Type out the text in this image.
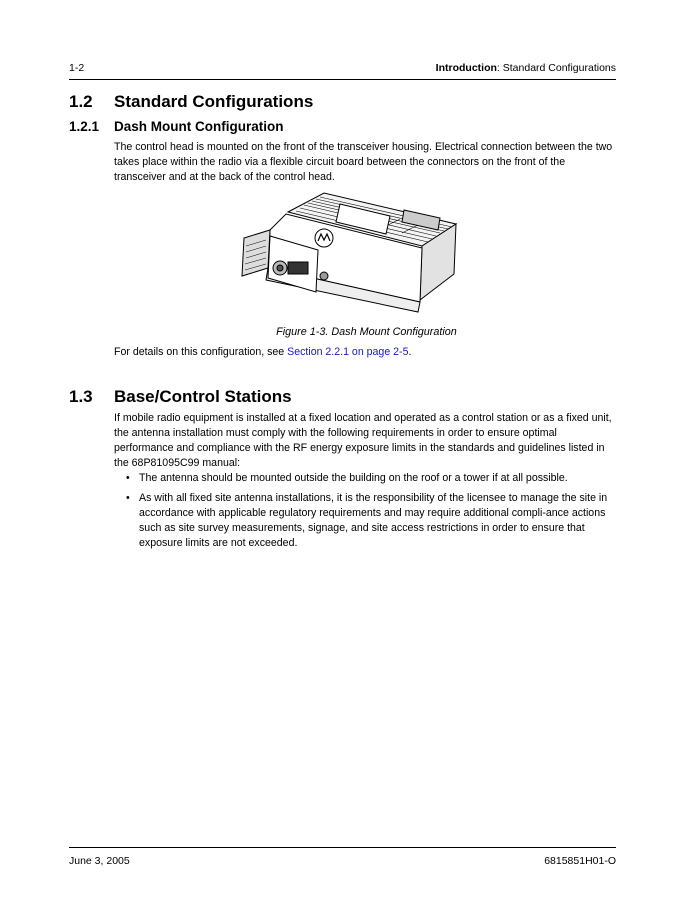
1-2	Introduction: Standard Configurations
1.2 Standard Configurations
1.2.1 Dash Mount Configuration
The control head is mounted on the front of the transceiver housing. Electrical connection between the two takes place within the radio via a flexible circuit board between the connectors on the front of the transceiver and at the back of the control head.
Figure 1-3. Dash Mount Configuration
For details on this configuration, see Section 2.2.1 on page 2-5.
1.3 Base/Control Stations
If mobile radio equipment is installed at a fixed location and operated as a control station or as a fixed unit, the antenna installation must comply with the following requirements in order to ensure optimal performance and compliance with the RF energy exposure limits in the standards and guidelines listed in the 68P81095C99 manual:
• The antenna should be mounted outside the building on the roof or a tower if at all possible.
• As with all fixed site antenna installations, it is the responsibility of the licensee to manage the site in accordance with applicable regulatory requirements and may require additional compli-ance actions such as site survey measurements, signage, and site access restrictions in order to ensure that exposure limits are not exceeded.
June 3, 2005	6815851H01-O
